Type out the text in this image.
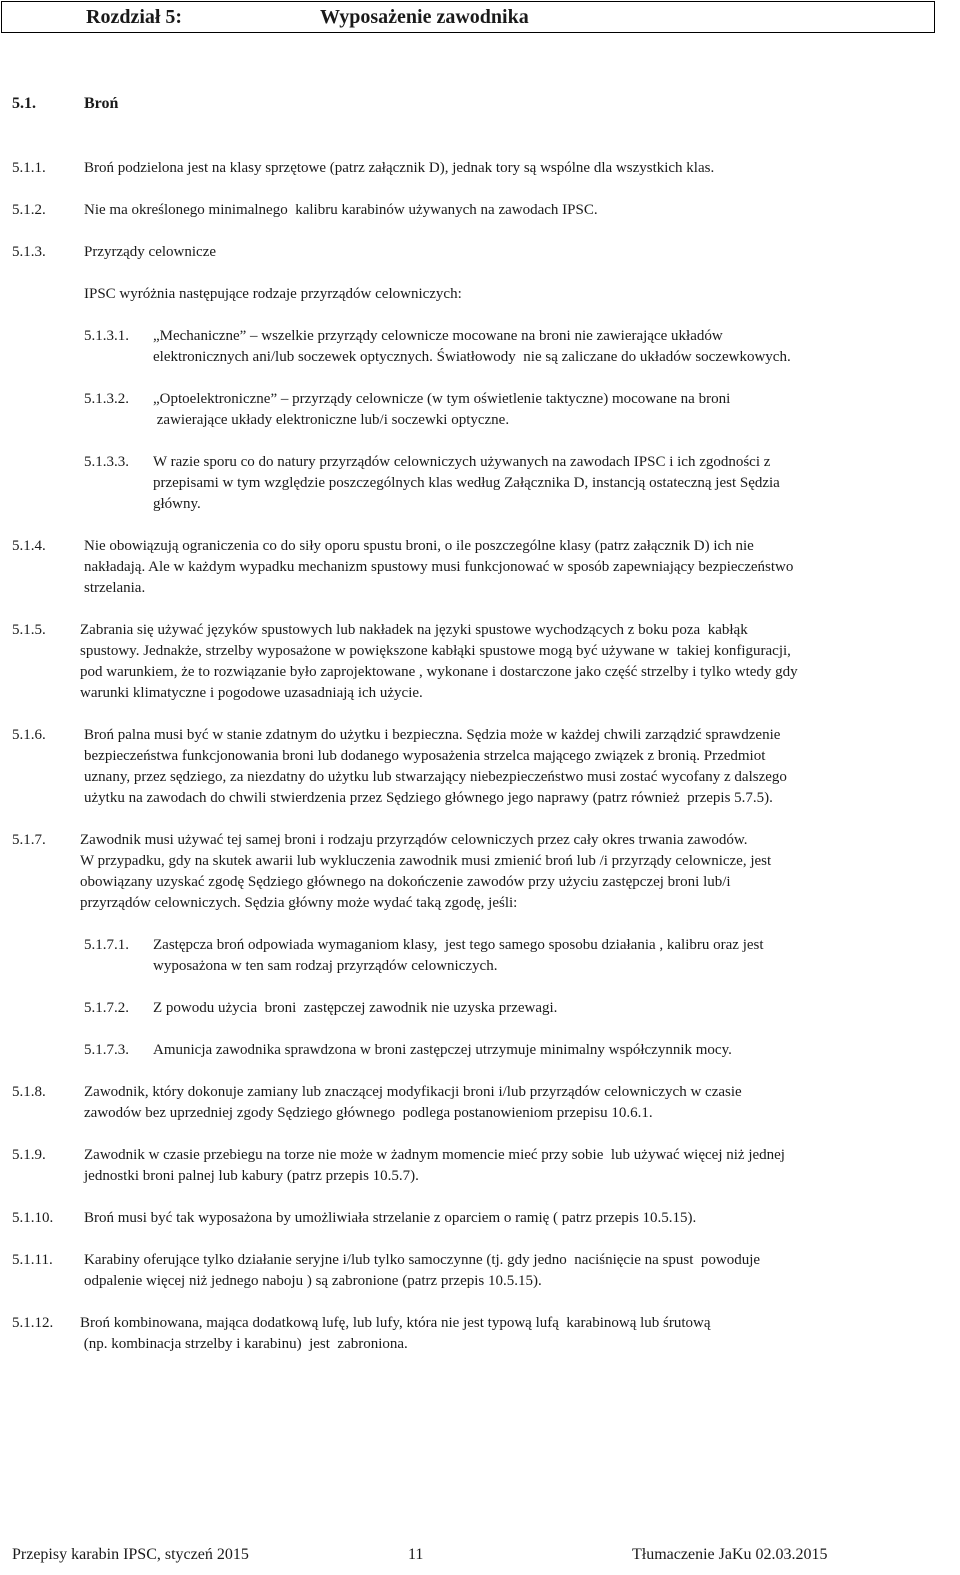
Rozdział 5:	Wyposażenie zawodnika
5.1.	Broń
5.1.1.	Broń podzielona jest na klasy sprzętowe (patrz załącznik D), jednak tory są wspólne dla wszystkich klas.
5.1.2.	Nie ma określonego minimalnego  kalibru karabinów używanych na zawodach IPSC.
5.1.3.	Przyrządy celownicze
IPSC wyróżnia następujące rodzaje przyrządów celowniczych:
5.1.3.1. „Mechaniczne” – wszelkie przyrządy celownicze mocowane na broni nie zawierające układów
elektronicznych ani/lub soczewek optycznych. Światłowody  nie są zaliczane do układów soczewkowych.
5.1.3.2. „Optoelektroniczne” – przyrządy celownicze (w tym oświetlenie taktyczne) mocowane na broni
zawierające układy elektroniczne lub/i soczewki optyczne.
5.1.3.3. W razie sporu co do natury przyrządów celowniczych używanych na zawodach IPSC i ich zgodności z
przepisami w tym względzie poszczególnych klas według Załącznika D, instancją ostateczną jest Sędzia
główny.
5.1.4.	Nie obowiązują ograniczenia co do siły oporu spustu broni, o ile poszczególne klasy (patrz załącznik D) ich nie
nakładają. Ale w każdym wypadku mechanizm spustowy musi funkcjonować w sposób zapewniający bezpieczeństwo
strzelania.
5.1.5. Zabrania się używać języków spustowych lub nakładek na języki spustowe wychodzących z boku poza  kabłąk
spustowy. Jednakże, strzelby wyposażone w powiększone kabłąki spustowe mogą być używane w  takiej konfiguracji,
pod warunkiem, że to rozwiązanie było zaprojektowane , wykonane i dostarczone jako część strzelby i tylko wtedy gdy
warunki klimatyczne i pogodowe uzasadniają ich użycie.
5.1.6.	Broń palna musi być w stanie zdatnym do użytku i bezpieczna. Sędzia może w każdej chwili zarządzić sprawdzenie
bezpieczeństwa funkcjonowania broni lub dodanego wyposażenia strzelca mającego związek z bronią. Przedmiot
uznany, przez sędziego, za niezdatny do użytku lub stwarzający niebezpieczeństwo musi zostać wycofany z dalszego
użytku na zawodach do chwili stwierdzenia przez Sędziego głównego jego naprawy (patrz również  przepis 5.7.5).
5.1.7. Zawodnik musi używać tej samej broni i rodzaju przyrządów celowniczych przez cały okres trwania zawodów.
W przypadku, gdy na skutek awarii lub wykluczenia zawodnik musi zmienić broń lub /i przyrządy celownicze, jest
obowiązany uzyskać zgodę Sędziego głównego na dokończenie zawodów przy użyciu zastępczej broni lub/i
przyrządów celowniczych. Sędzia główny może wydać taką zgodę, jeśli:
5.1.7.1. Zastępcza broń odpowiada wymaganiom klasy,  jest tego samego sposobu działania , kalibru oraz jest
wyposażona w ten sam rodzaj przyrządów celowniczych.
5.1.7.2. Z powodu użycia  broni  zastępczej zawodnik nie uzyska przewagi.
5.1.7.3. Amunicja zawodnika sprawdzona w broni zastępczej utrzymuje minimalny współczynnik mocy.
5.1.8.	Zawodnik, który dokonuje zamiany lub znaczącej modyfikacji broni i/lub przyrządów celowniczych w czasie
zawodów bez uprzedniej zgody Sędziego głównego  podlega postanowieniom przepisu 10.6.1.
5.1.9.	Zawodnik w czasie przebiegu na torze nie może w żadnym momencie mieć przy sobie  lub używać więcej niż jednej
jednostki broni palnej lub kabury (patrz przepis 10.5.7).
5.1.10. Broń musi być tak wyposażona by umożliwiała strzelanie z oparciem o ramię ( patrz przepis 10.5.15).
5.1.11. Karabiny oferujące tylko działanie seryjne i/lub tylko samoczynne (tj. gdy jedno  naciśnięcie na spust  powoduje
odpalenie więcej niż jednego naboju ) są zabronione (patrz przepis 10.5.15).
5.1.12. Broń kombinowana, mająca dodatkową lufę, lub lufy, która nie jest typową lufą  karabinową lub śrutową
(np. kombinacja strzelby i karabinu)  jest  zabroniona.
Przepisy karabin IPSC, styczeń 2015	11	Tłumaczenie JaKu 02.03.2015
